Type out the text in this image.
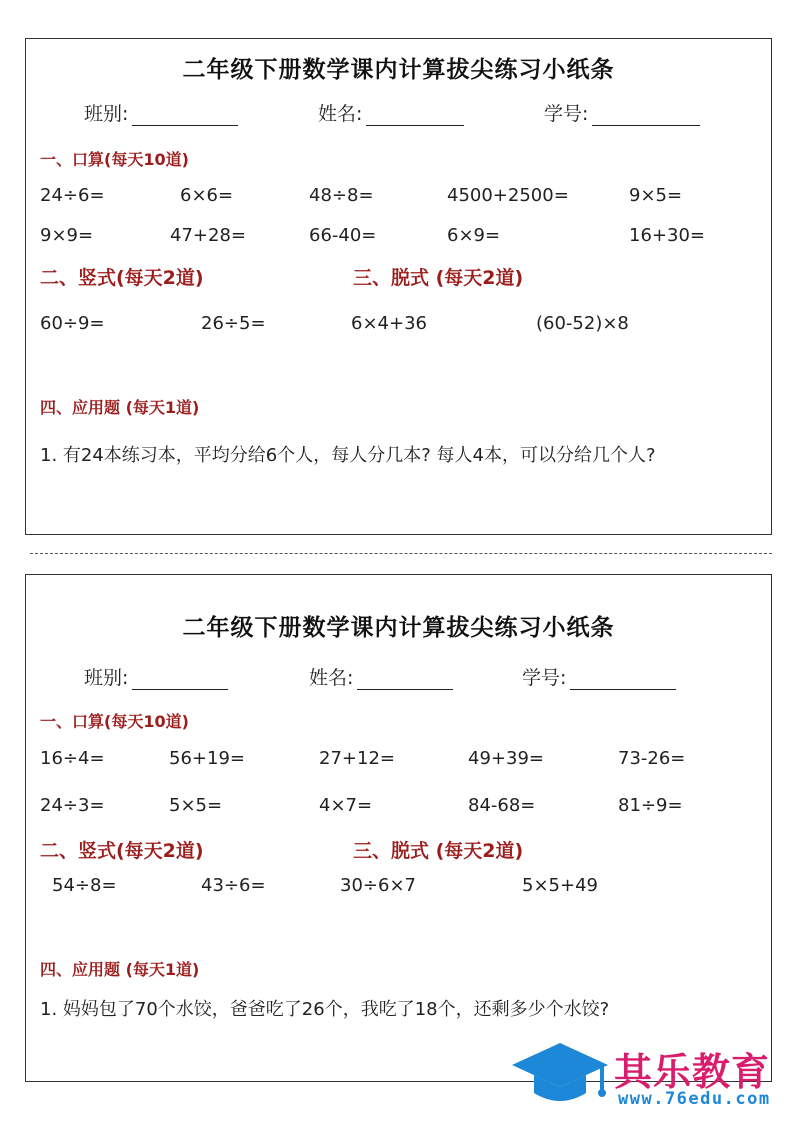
二年级下册数学课内计算拔尖练习小纸条
班别:	姓名:	学号:
一、口算(每天10道)
24÷6=	6×6=	48÷8=	4500+2500=	9×5=
9×9=	47+28=	66-40=	6×9=	16+30=
二、竖式(每天2道)	三、脱式 (每天2道)
60÷9=	26÷5=	6×4+36	(60-52)×8
四、应用题 (每天1道)
1. 有24本练习本，平均分给6个人，每人分几本? 每人4本，可以分给几个人?
二年级下册数学课内计算拔尖练习小纸条
班别:	姓名:	学号:
一、口算(每天10道)
16÷4=	56+19=	27+12=	49+39=	73-26=
24÷3=	5×5=	4×7=	84-68=	81÷9=
二、竖式(每天2道)	三、脱式 (每天2道)
54÷8=	43÷6=	30÷6×7	5×5+49
四、应用题 (每天1道)
1. 妈妈包了70个水饺，爸爸吃了26个，我吃了18个，还剩多少个水饺?
其乐教育
www.76edu.com
